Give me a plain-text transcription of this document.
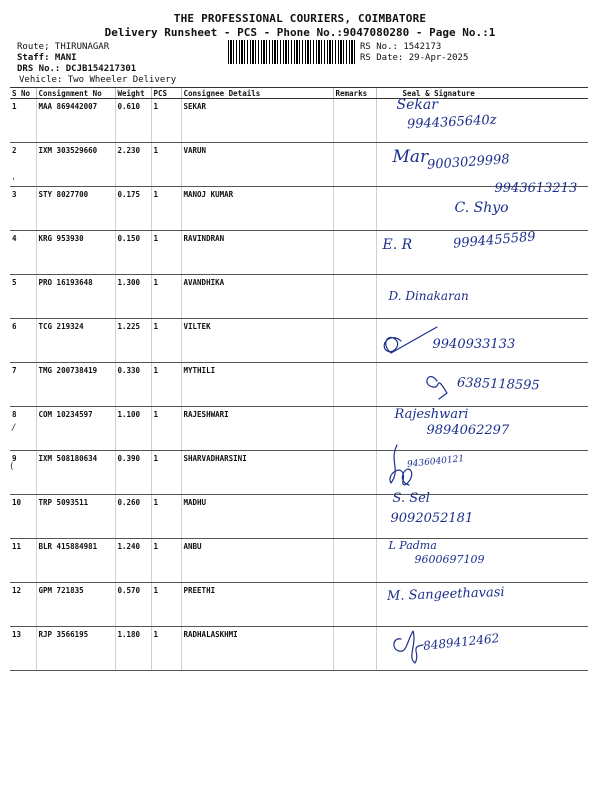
THE PROFESSIONAL COURIERS, COIMBATORE
Delivery Runsheet - PCS - Phone No.:9047080280 - Page No.:1
Route; THIRUNAGAR
Staff: MANI
DRS No.: DCJB154217301
Vehicle: Two Wheeler Delivery
RS No.: 1542173
RS Date: 29-Apr-2025
S No	Consignment No	Weight	PCS	Consignee Details	Remarks	Seal & Signature
1	MAA 869442007	0.610	1	SEKAR		Sekar
9944365640z

2	IXM 303529660	2.230	1	VARUN		Mar
9003029998

3	STY 8027700	0.175	1	MANOJ KUMAR		C. Shyo
9943613213

4	KRG 953930	0.150	1	RAVINDRAN		E. R 9994455589

5	PRO 16193648	1.300	1	AVANDHIKA		D. Dinakaran

6	TCG 219324	1.225	1	VILTEK		9940933133

7	TMG 200738419	0.330	1	MYTHILI		6385118595

8	COM 10234597	1.100	1	RAJESHWARI		Rajeshwari
9894062297

9	IXM 508180634	0.390	1	SHARVADHARSINI		9436040121

10	TRP 5093511	0.260	1	MADHU		S. Sel
9092052181

11	BLR 415884981	1.240	1	ANBU		L Padma
9600697109

12	GPM 721835	0.570	1	PREETHI		M. Sangeethavasi

13	RJP 3566195	1.180	1	RADHALASKHMI		8489412462
(
'
/
